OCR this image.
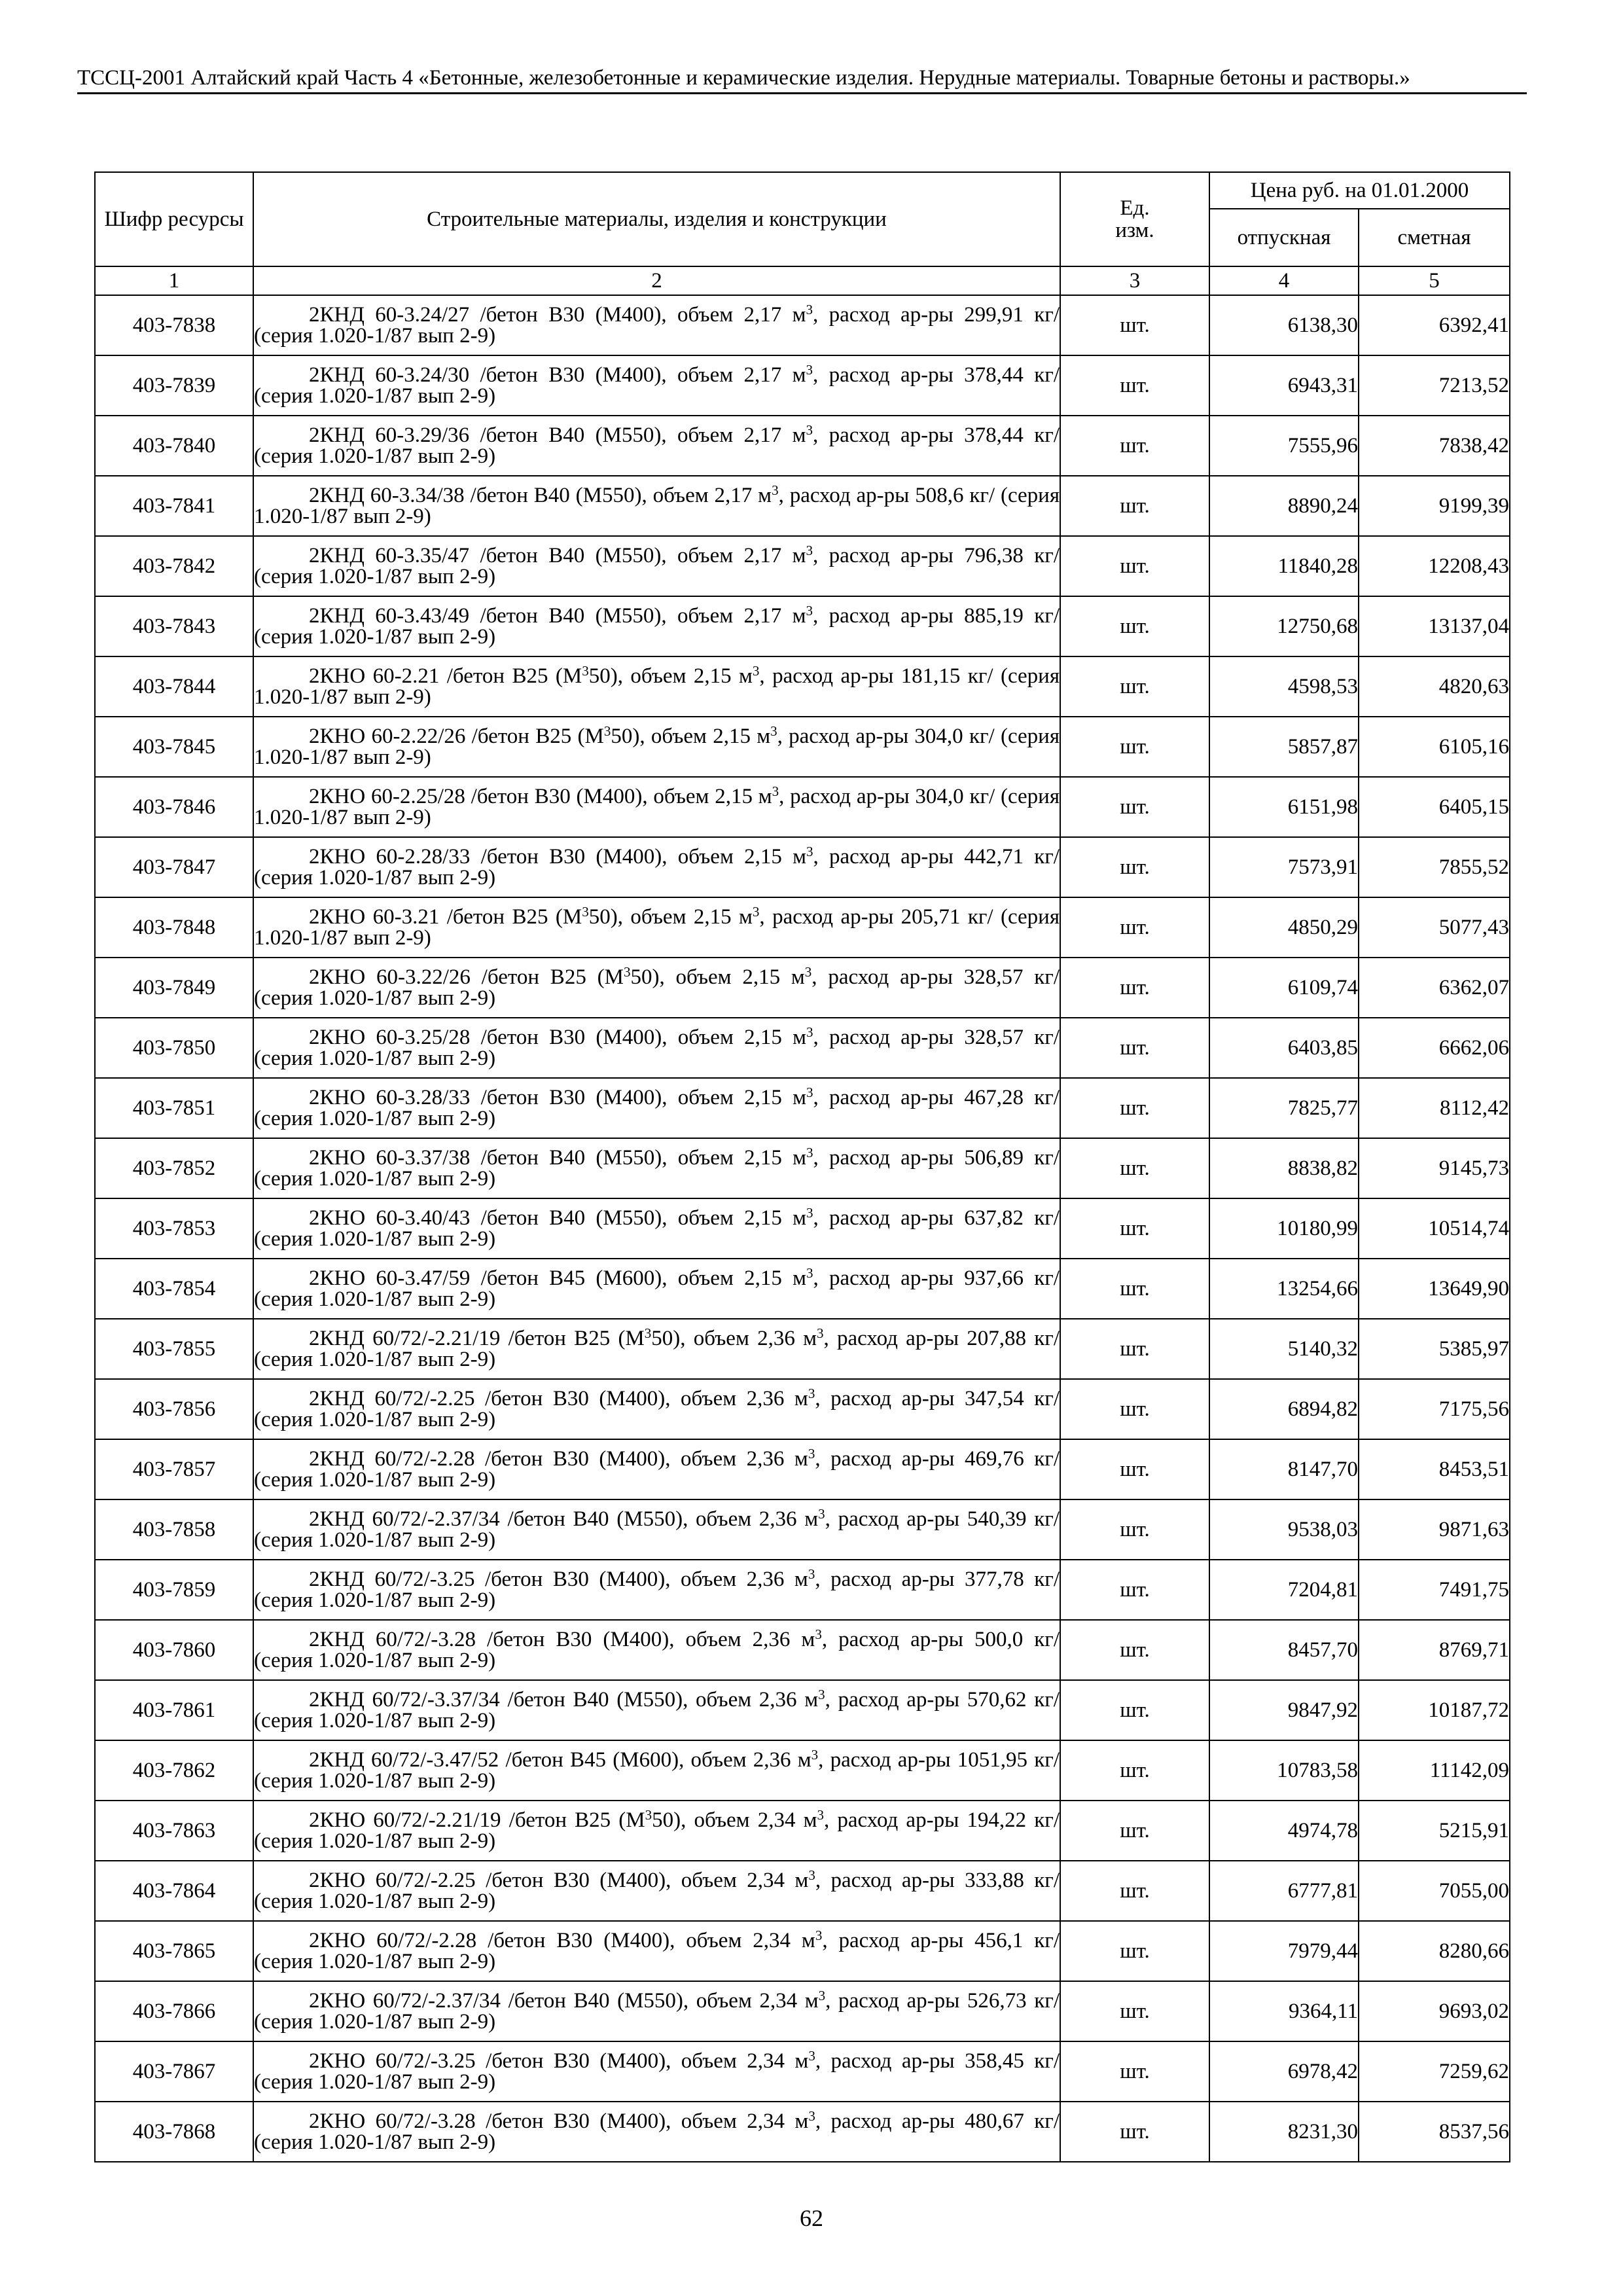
ТССЦ-2001 Алтайский край Часть 4 «Бетонные, железобетонные и керамические изделия. Нерудные материалы. Товарные бетоны и растворы.»
Шифр ресурсы	Строительные материалы, изделия и конструкции	Ед. изм.	Цена руб. на 01.01.2000	
			отпускная	сметная
1	2	3	4	5
403-7838	2КНД 60-3.24/27 /бетон В30 (М400), объем 2,17 $м^3$, расход ар-ры 299,91 кг/ (серия 1.020-1/87 вып 2-9)	шт.	6138,30	6392,41
403-7839	2КНД 60-3.24/30 /бетон В30 (М400), объем 2,17 $м^3$, расход ар-ры 378,44 кг/ (серия 1.020-1/87 вып 2-9)	шт.	6943,31	7213,52
403-7840	2КНД 60-3.29/36 /бетон В40 (М550), объем 2,17 $м^3$, расход ар-ры 378,44 кг/ (серия 1.020-1/87 вып 2-9)	шт.	7555,96	7838,42
403-7841	2КНД 60-3.34/38 /бетон В40 (М550), объем 2,17 $м^3$, расход ар-ры 508,6 кг/ (серия 1.020-1/87 вып 2-9)	шт.	8890,24	9199,39
403-7842	2КНД 60-3.35/47 /бетон В40 (М550), объем 2,17 $м^3$, расход ар-ры 796,38 кг/ (серия 1.020-1/87 вып 2-9)	шт.	11840,28	12208,43
403-7843	2КНД 60-3.43/49 /бетон В40 (М550), объем 2,17 $м^3$, расход ар-ры 885,19 кг/ (серия 1.020-1/87 вып 2-9)	шт.	12750,68	13137,04
403-7844	2КНО 60-2.21 /бетон В25 $(М^350)$, объем 2,15 $м^3$, расход ар-ры 181,15 кг/ (серия 1.020-1/87 вып 2-9)	шт.	4598,53	4820,63
403-7845	2КНО 60-2.22/26 /бетон В25 $(М^350)$, объем 2,15 $м^3$, расход ар-ры 304,0 кг/ (серия 1.020-1/87 вып 2-9)	шт.	5857,87	6105,16
403-7846	2КНО 60-2.25/28 /бетон В30 (М400), объем 2,15 $м^3$, расход ар-ры 304,0 кг/ (серия 1.020-1/87 вып 2-9)	шт.	6151,98	6405,15
403-7847	2КНО 60-2.28/33 /бетон В30 (М400), объем 2,15 $м^3$, расход ар-ры 442,71 кг/ (серия 1.020-1/87 вып 2-9)	шт.	7573,91	7855,52
403-7848	2КНО 60-3.21 /бетон В25 $(М^350)$, объем 2,15 $м^3$, расход ар-ры 205,71 кг/ (серия 1.020-1/87 вып 2-9)	шт.	4850,29	5077,43
403-7849	2КНО 60-3.22/26 /бетон В25 $(М^350)$, объем 2,15 $м^3$, расход ар-ры 328,57 кг/ (серия 1.020-1/87 вып 2-9)	шт.	6109,74	6362,07
403-7850	2КНО 60-3.25/28 /бетон В30 (М400), объем 2,15 $м^3$, расход ар-ры 328,57 кг/ (серия 1.020-1/87 вып 2-9)	шт.	6403,85	6662,06
403-7851	2КНО 60-3.28/33 /бетон В30 (М400), объем 2,15 $м^3$, расход ар-ры 467,28 кг/ (серия 1.020-1/87 вып 2-9)	шт.	7825,77	8112,42
403-7852	2КНО 60-3.37/38 /бетон В40 (М550), объем 2,15 $м^3$, расход ар-ры 506,89 кг/ (серия 1.020-1/87 вып 2-9)	шт.	8838,82	9145,73
403-7853	2КНО 60-3.40/43 /бетон В40 (М550), объем 2,15 $м^3$, расход ар-ры 637,82 кг/ (серия 1.020-1/87 вып 2-9)	шт.	10180,99	10514,74
403-7854	2КНО 60-3.47/59 /бетон В45 (М600), объем 2,15 $м^3$, расход ар-ры 937,66 кг/ (серия 1.020-1/87 вып 2-9)	шт.	13254,66	13649,90
403-7855	2КНД 60/72/-2.21/19 /бетон В25 $(М^350)$, объем 2,36 $м^3$, расход ар-ры 207,88 кг/ (серия 1.020-1/87 вып 2-9)	шт.	5140,32	5385,97
403-7856	2КНД 60/72/-2.25 /бетон В30 (М400), объем 2,36 $м^3$, расход ар-ры 347,54 кг/ (серия 1.020-1/87 вып 2-9)	шт.	6894,82	7175,56
403-7857	2КНД 60/72/-2.28 /бетон В30 (М400), объем 2,36 $м^3$, расход ар-ры 469,76 кг/ (серия 1.020-1/87 вып 2-9)	шт.	8147,70	8453,51
403-7858	2КНД 60/72/-2.37/34 /бетон В40 (М550), объем 2,36 $м^3$, расход ар-ры 540,39 кг/ (серия 1.020-1/87 вып 2-9)	шт.	9538,03	9871,63
403-7859	2КНД 60/72/-3.25 /бетон В30 (М400), объем 2,36 $м^3$, расход ар-ры 377,78 кг/ (серия 1.020-1/87 вып 2-9)	шт.	7204,81	7491,75
403-7860	2КНД 60/72/-3.28 /бетон В30 (М400), объем 2,36 $м^3$, расход ар-ры 500,0 кг/ (серия 1.020-1/87 вып 2-9)	шт.	8457,70	8769,71
403-7861	2КНД 60/72/-3.37/34 /бетон В40 (М550), объем 2,36 $м^3$, расход ар-ры 570,62 кг/ (серия 1.020-1/87 вып 2-9)	шт.	9847,92	10187,72
403-7862	2КНД 60/72/-3.47/52 /бетон В45 (М600), объем 2,36 $м^3$, расход ар-ры 1051,95 кг/ (серия 1.020-1/87 вып 2-9)	шт.	10783,58	11142,09
403-7863	2КНО 60/72/-2.21/19 /бетон В25 $(М^350)$, объем 2,34 $м^3$, расход ар-ры 194,22 кг/ (серия 1.020-1/87 вып 2-9)	шт.	4974,78	5215,91
403-7864	2КНО 60/72/-2.25 /бетон В30 (М400), объем 2,34 $м^3$, расход ар-ры 333,88 кг/ (серия 1.020-1/87 вып 2-9)	шт.	6777,81	7055,00
403-7865	2КНО 60/72/-2.28 /бетон В30 (М400), объем 2,34 $м^3$, расход ар-ры 456,1 кг/ (серия 1.020-1/87 вып 2-9)	шт.	7979,44	8280,66
403-7866	2КНО 60/72/-2.37/34 /бетон В40 (М550), объем 2,34 $м^3$, расход ар-ры 526,73 кг/ (серия 1.020-1/87 вып 2-9)	шт.	9364,11	9693,02
403-7867	2КНО 60/72/-3.25 /бетон В30 (М400), объем 2,34 $м^3$, расход ар-ры 358,45 кг/ (серия 1.020-1/87 вып 2-9)	шт.	6978,42	7259,62
403-7868	2КНО 60/72/-3.28 /бетон В30 (М400), объем 2,34 $м^3$, расход ар-ры 480,67 кг/ (серия 1.020-1/87 вып 2-9)	шт.	8231,30	8537,56
62
